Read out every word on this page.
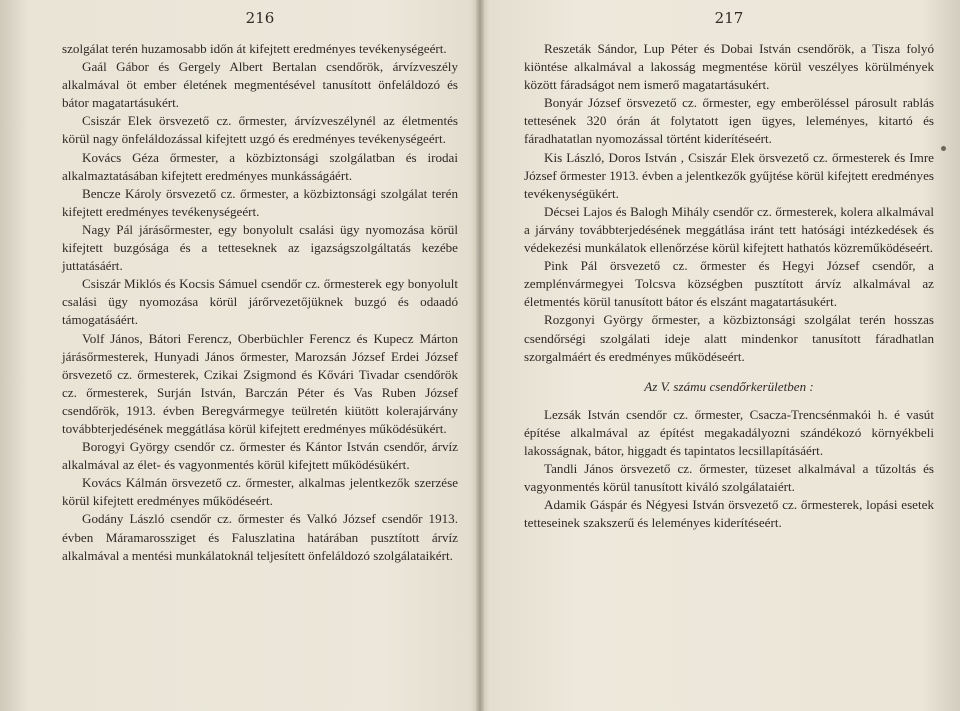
216

szolgálat terén huzamosabb időn át kifejtett eredményes tevékenységeért.

Gaál Gábor és Gergely Albert Bertalan csendőrök, árvízveszély alkalmával öt ember életének megmentésével tanusított önfeláldozó és bátor magatartásukért.

Csiszár Elek örsvezető cz. őrmester, árvízveszélynél az életmentés körül nagy önfeláldozással kifejtett uzgó és eredményes tevékenységeért.

Kovács Géza őrmester, a közbiztonsági szolgálatban és irodai alkalmaztatásában kifejtett eredményes munkásságáért.

Bencze Károly örsvezető cz. őrmester, a közbiztonsági szolgálat terén kifejtett eredményes tevékenységeért.

Nagy Pál járásőrmester, egy bonyolult csalási ügy nyomozása körül kifejtett buzgósága és a tetteseknek az igazságszolgáltatás kezébe juttatásáért.

Csiszár Miklós és Kocsis Sámuel csendőr cz. őrmesterek egy bonyolult csalási ügy nyomozása körül járőrvezetőjüknek buzgó és odaadó támogatásáért.

Volf János, Bátori Ferencz, Oberbüchler Ferencz és Kupecz Márton járásőrmesterek, Hunyadi János őrmester, Marozsán József Erdei József örsvezető cz. őrmesterek, Czikai Zsigmond és Kővári Tivadar csendőrök cz. őrmesterek, Surján István, Barczán Péter és Vas Ruben József csendőrök, 1913. évben Beregvármegye teülretén kiütött kolerajárvány továbbterjedésének meggátlása körül kifejtett eredményes működésükért.

Borogyi György csendőr cz. őrmester és Kántor István csendőr, árvíz alkalmával az élet- és vagyonmentés körül kifejtett működésükért.

Kovács Kálmán örsvezető cz. őrmester, alkalmas jelentkezők szerzése körül kifejtett eredményes működéseért.

Godány László csendőr cz. őrmester és Valkó József csendőr 1913. évben Máramarossziget és Faluszlatina határában pusztított árvíz alkalmával a mentési munkálatoknál teljesített önfeláldozó szolgálataikért.

217

Reszeták Sándor, Lup Péter és Dobai István csendőrök, a Tisza folyó kiöntése alkalmával a lakosság megmentése körül veszélyes körülmények között fáradságot nem ismerő magatartásukért.

Bonyár József örsvezető cz. őrmester, egy emberöléssel párosult rablás tettesének 320 órán át folytatott igen ügyes, leleményes, kitartó és fáradhatatlan nyomozással történt kiderítéseért.

Kis László, Doros István , Csiszár Elek örsvezető cz. őrmesterek és Imre József őrmester 1913. évben a jelentkezők gyűjtése körül kifejtett eredményes tevékenységükért.

Décsei Lajos és Balogh Mihály csendőr cz. őrmesterek, kolera alkalmával a járvány továbbterjedésének meggátlása iránt tett hatósági intézkedések és védekezési munkálatok ellenőrzése körül kifejtett hathatós közreműködéseért.

Pink Pál örsvezető cz. őrmester és Hegyi József csendőr, a zemplénvármegyei Tolcsva községben pusztított árvíz alkalmával az életmentés körül tanusított bátor és elszánt magatartásukért.

Rozgonyi György őrmester, a közbiztonsági szolgálat terén hosszas csendőrségi szolgálati ideje alatt mindenkor tanusított fáradhatlan szorgalmáért és eredményes működéseért.

Az V. számu csendőrkerületben :

Lezsák István csendőr cz. őrmester, Csacza-Trencsénmakói h. é vasút építése alkalmával az építést megakadályozni szándékozó környékbeli lakosságnak, bátor, higgadt és tapintatos lecsillapításáért.

Tandli János örsvezető cz. őrmester, tüzeset alkalmával a tűzoltás és vagyonmentés körül tanusított kiváló szolgálataiért.

Adamik Gáspár és Négyesi István örsvezető cz. őrmesterek, lopási esetek tetteseinek szakszerű és leleményes kiderítéseért.
